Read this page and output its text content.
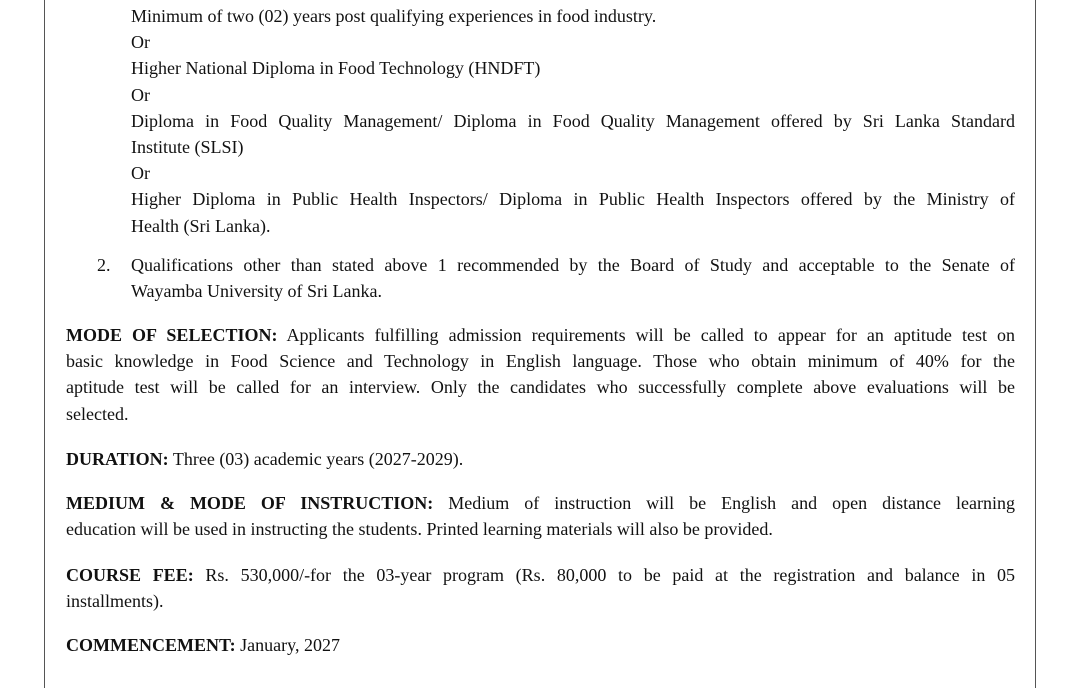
Minimum of two (02) years post qualifying experiences in food industry.
Or
Higher National Diploma in Food Technology (HNDFT)
Or
Diploma in Food Quality Management/ Diploma in Food Quality Management offered by Sri Lanka Standard
Institute (SLSI)
Or
Higher Diploma in Public Health Inspectors/ Diploma in Public Health Inspectors offered by the Ministry of
Health (Sri Lanka).
2. Qualifications other than stated above 1 recommended by the Board of Study and acceptable to the Senate of
Wayamba University of Sri Lanka.
MODE OF SELECTION: Applicants fulfilling admission requirements will be called to appear for an aptitude test on
basic knowledge in Food Science and Technology in English language. Those who obtain minimum of 40% for the
aptitude test will be called for an interview. Only the candidates who successfully complete above evaluations will be
selected.
DURATION: Three (03) academic years (2027-2029).
MEDIUM & MODE OF INSTRUCTION: Medium of instruction will be English and open distance learning
education will be used in instructing the students. Printed learning materials will also be provided.
COURSE FEE: Rs. 530,000/-for the 03-year program (Rs. 80,000 to be paid at the registration and balance in 05
installments).
COMMENCEMENT: January, 2027
